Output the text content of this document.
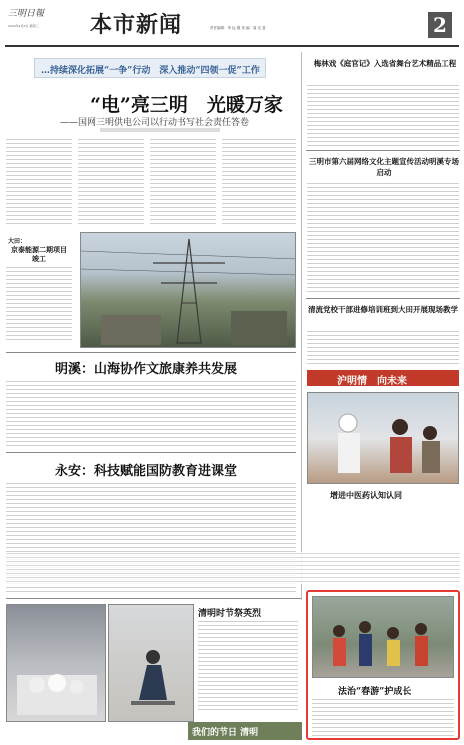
三明日報
2020年4月8日 星期三 本市新闻	责任编辑：李 远 刚 美 编：周 光 富	2
…持续深化拓展“一争”行动　深入推动“四领一促”工作
“电”亮三明　光暖万家
——国网三明供电公司以行动书写社会责任答卷
大田：
京泰能源二期项目竣工
明溪：山海协作文旅康养共发展
永安：科技赋能国防教育进课堂
清明时节祭英烈
我们的节日 清明
梅林戏《庭官记》入选省舞台艺术精品工程
三明市第六届网络文化主题宣传活动明溪专场启动
清流党校干部进修培训班到大田开展现场教学
沪明情　向未来
增进中医药认知认同
法治“春游”护成长
